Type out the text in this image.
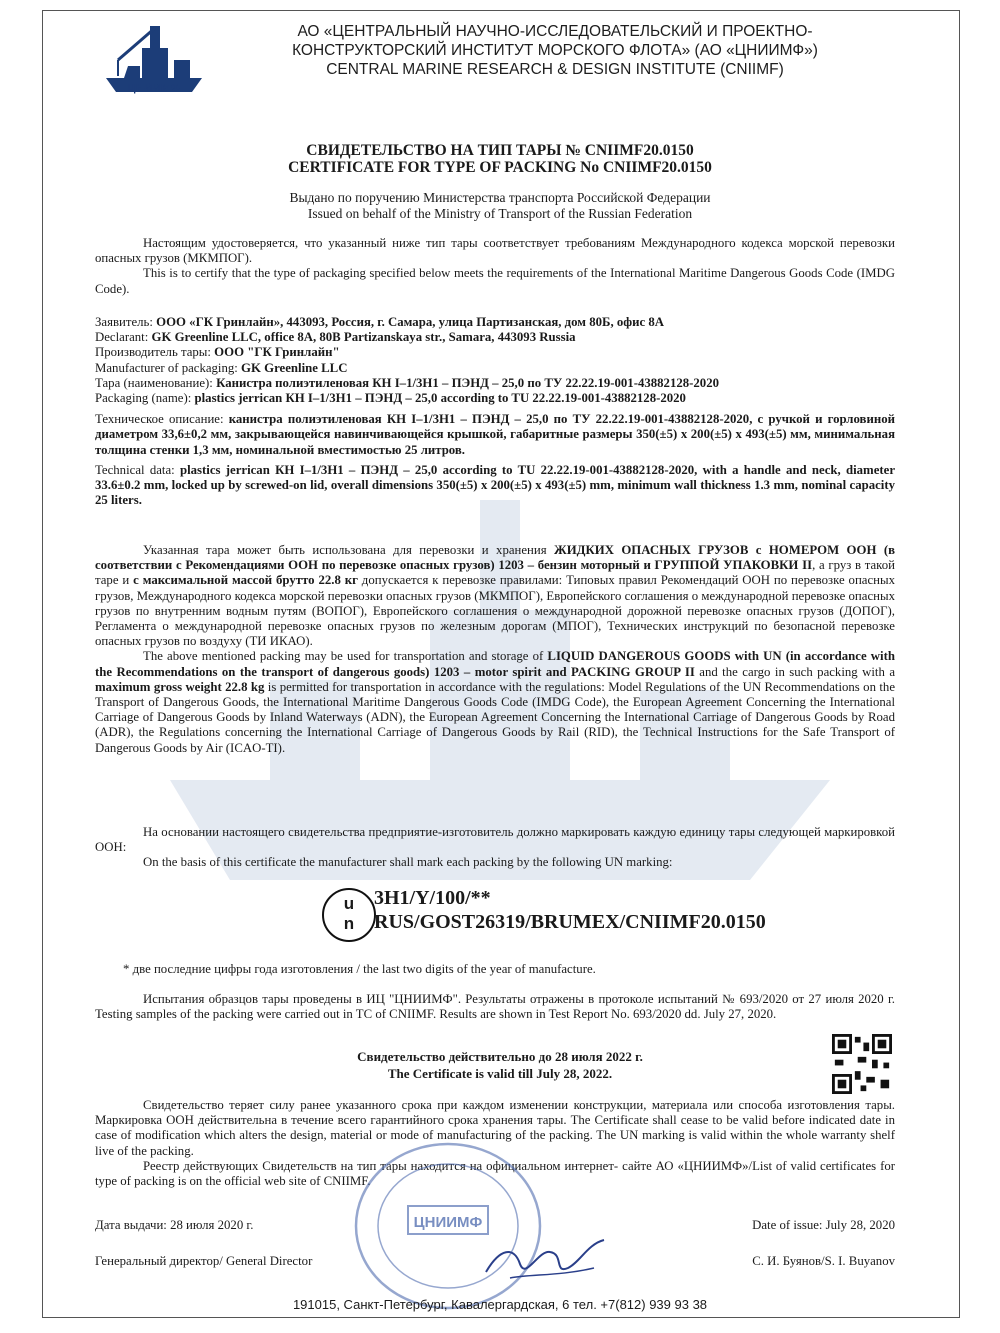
ЦНИИМФ
АО «ЦЕНТРАЛЬНЫЙ НАУЧНО-ИССЛЕДОВАТЕЛЬСКИЙ И ПРОЕКТНО-
КОНСТРУКТОРСКИЙ ИНСТИТУТ МОРСКОГО ФЛОТА» (АО «ЦНИИМФ»)
CENTRAL MARINE RESEARCH & DESIGN INSTITUTE (CNIIMF)
СВИДЕТЕЛЬСТВО НА ТИП ТАРЫ № CNIIMF20.0150
CERTIFICATE FOR TYPE OF PACKING No CNIIMF20.0150
Выдано по поручению Министерства транспорта Российской Федерации
Issued on behalf of the Ministry of Transport of the Russian Federation
Настоящим удостоверяется, что указанный ниже тип тары соответствует требованиям Международного кодекса морской перевозки опасных грузов (МКМПОГ).
This is to certify that the type of packaging specified below meets the requirements of the International Maritime Dangerous Goods Code (IMDG Code).
Заявитель: ООО «ГК Гринлайн», 443093, Россия, г. Самара, улица Партизанская, дом 80Б, офис 8А
Declarant: GK Greenline LLC, office 8A, 80B Partizanskaya str., Samara, 443093 Russia
Производитель тары: ООО "ГК Гринлайн"
Manufacturer of packaging: GK Greenline LLC
Тара (наименование): Канистра полиэтиленовая КН I–1/3Н1 – ПЭНД – 25,0 по ТУ 22.22.19-001-43882128-2020
Packaging (name): plastics jerrican КН I–1/3Н1 – ПЭНД – 25,0 according to TU 22.22.19-001-43882128-2020
Техническое описание: канистра полиэтиленовая КН I–1/3Н1 – ПЭНД – 25,0 по ТУ 22.22.19-001-43882128-2020, с ручкой и горловиной диаметром 33,6±0,2 мм, закрывающейся навинчивающейся крышкой, габаритные размеры 350(±5) х 200(±5) х 493(±5) мм, минимальная толщина стенки 1,3 мм, номинальной вместимостью 25 литров.
Technical data: plastics jerrican КН I–1/3Н1 – ПЭНД – 25,0 according to TU 22.22.19-001-43882128-2020, with a handle and neck, diameter 33.6±0.2 mm, locked up by screwed-on lid, overall dimensions 350(±5) x 200(±5) x 493(±5) mm, minimum wall thickness 1.3 mm, nominal capacity 25 liters.
Указанная тара может быть использована для перевозки и хранения ЖИДКИХ ОПАСНЫХ ГРУЗОВ с НОМЕРОМ ООН (в соответствии с Рекомендациями ООН по перевозке опасных грузов) 1203 – бензин моторный и ГРУППОЙ УПАКОВКИ II, а груз в такой таре и с максимальной массой брутто 22.8 кг допускается к перевозке правилами: Типовых правил Рекомендаций ООН по перевозке опасных грузов, Международного кодекса морской перевозки опасных грузов (МКМПОГ), Европейского соглашения о международной перевозке опасных грузов по внутренним водным путям (ВОПОГ), Европейского соглашения о международной дорожной перевозке опасных грузов (ДОПОГ), Регламента о международной перевозке опасных грузов по железным дорогам (МПОГ), Технических инструкций по безопасной перевозке опасных грузов по воздуху (ТИ ИКАО).
The above mentioned packing may be used for transportation and storage of LIQUID DANGEROUS GOODS with UN (in accordance with the Recommendations on the transport of dangerous goods) 1203 – motor spirit and PACKING GROUP II and the cargo in such packing with a maximum gross weight 22.8 kg is permitted for transportation in accordance with the regulations: Model Regulations of the UN Recommendations on the Transport of Dangerous Goods, the International Maritime Dangerous Goods Code (IMDG Code), the European Agreement Concerning the International Carriage of Dangerous Goods by Inland Waterways (ADN), the European Agreement Concerning the International Carriage of Dangerous Goods by Road (ADR), the Regulations concerning the International Carriage of Dangerous Goods by Rail (RID), the Technical Instructions for the Safe Transport of Dangerous Goods by Air (ICAO-TI).
На основании настоящего свидетельства предприятие-изготовитель должно маркировать каждую единицу тары следующей маркировкой ООН:
On the basis of this certificate the manufacturer shall mark each packing by the following UN marking:
u
n
3H1/Y/100/**
RUS/GOST26319/BRUMEX/CNIIMF20.0150
* две последние цифры года изготовления / the last two digits of the year of manufacture.
Испытания образцов тары проведены в ИЦ "ЦНИИМФ". Результаты отражены в протоколе испытаний № 693/2020 от 27 июля 2020 г. Testing samples of the packing were carried out in TC of CNIIMF. Results are shown in Test Report No. 693/2020 dd. July 27, 2020.
Свидетельство действительно до 28 июля 2022 г.
The Certificate is valid till July 28, 2022.
Свидетельство теряет силу ранее указанного срока при каждом изменении конструкции, материала или способа изготовления тары. Маркировка ООН действительна в течение всего гарантийного срока хранения тары. The Certificate shall cease to be valid before indicated date in case of modification which alters the design, material or mode of manufacturing of the packing. The UN marking is valid within the whole warranty shelf live of the packing.
Реестр действующих Свидетельств на тип тары находится на официальном интернет- сайте АО «ЦНИИМФ»/List of valid certificates for type of packing is on the official web site of CNIIMF.
Дата выдачи: 28 июля 2020 г.	Date of issue: July 28, 2020
Генеральный директор/ General Director	С. И. Буянов/S. I. Buyanov
ЦНИИМФ
191015, Санкт-Петербург, Кавалергардская, 6 тел. +7(812) 939 93 38
